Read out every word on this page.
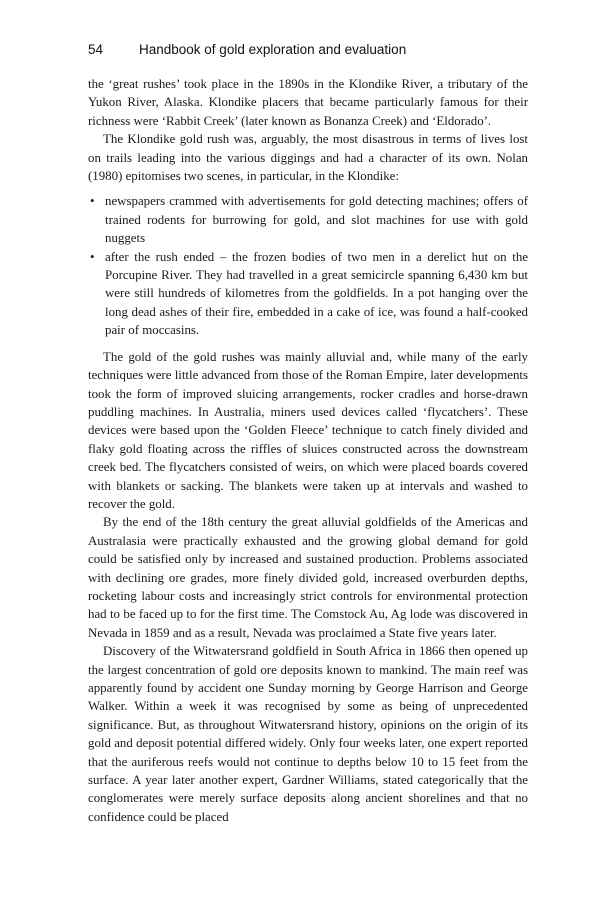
54	Handbook of gold exploration and evaluation

the ‘great rushes’ took place in the 1890s in the Klondike River, a tributary of the Yukon River, Alaska. Klondike placers that became particularly famous for their richness were ‘Rabbit Creek’ (later known as Bonanza Creek) and ‘Eldorado’.

The Klondike gold rush was, arguably, the most disastrous in terms of lives lost on trails leading into the various diggings and had a character of its own. Nolan (1980) epitomises two scenes, in particular, in the Klondike:

• newspapers crammed with advertisements for gold detecting machines; offers of trained rodents for burrowing for gold, and slot machines for use with gold nuggets
• after the rush ended – the frozen bodies of two men in a derelict hut on the Porcupine River. They had travelled in a great semicircle spanning 6,430 km but were still hundreds of kilometres from the goldfields. In a pot hanging over the long dead ashes of their fire, embedded in a cake of ice, was found a half-cooked pair of moccasins.

The gold of the gold rushes was mainly alluvial and, while many of the early techniques were little advanced from those of the Roman Empire, later developments took the form of improved sluicing arrangements, rocker cradles and horse-drawn puddling machines. In Australia, miners used devices called ‘flycatchers’. These devices were based upon the ‘Golden Fleece’ technique to catch finely divided and flaky gold floating across the riffles of sluices constructed across the downstream creek bed. The flycatchers consisted of weirs, on which were placed boards covered with blankets or sacking. The blankets were taken up at intervals and washed to recover the gold.

By the end of the 18th century the great alluvial goldfields of the Americas and Australasia were practically exhausted and the growing global demand for gold could be satisfied only by increased and sustained production. Problems associated with declining ore grades, more finely divided gold, increased overburden depths, rocketing labour costs and increasingly strict controls for environmental protection had to be faced up to for the first time. The Comstock Au, Ag lode was discovered in Nevada in 1859 and as a result, Nevada was proclaimed a State five years later.

Discovery of the Witwatersrand goldfield in South Africa in 1866 then opened up the largest concentration of gold ore deposits known to mankind. The main reef was apparently found by accident one Sunday morning by George Harrison and George Walker. Within a week it was recognised by some as being of unprecedented significance. But, as throughout Witwatersrand history, opinions on the origin of its gold and deposit potential differed widely. Only four weeks later, one expert reported that the auriferous reefs would not continue to depths below 10 to 15 feet from the surface. A year later another expert, Gardner Williams, stated categorically that the conglomerates were merely surface deposits along ancient shorelines and that no confidence could be placed
